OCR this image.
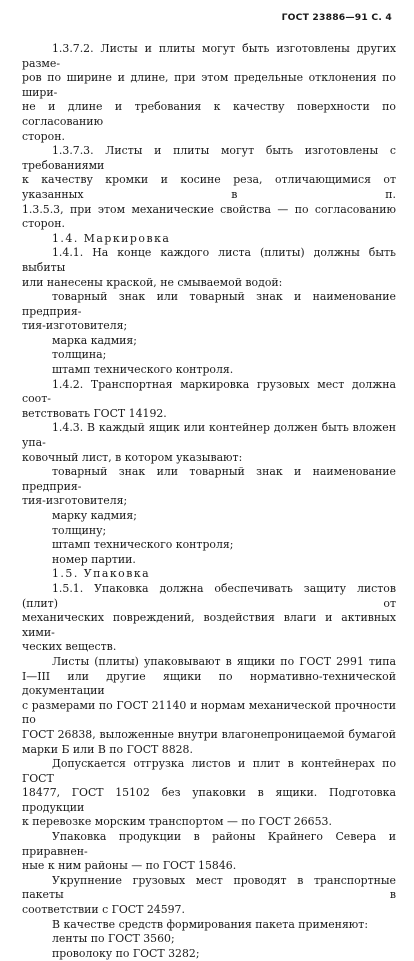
ГОСТ 23886—91 С. 4

1.3.7.2. Листы и плиты могут быть изготовлены других разме-

ров по ширине и длине, при этом предельные отклонения по шири-

не и длине и требования к качеству поверхности по согласованию

сторон.

1.3.7.3. Листы и плиты могут быть изготовлены с требованиями

к качеству кромки и косине реза, отличающимися от указанных в п.

1.3.5.3, при этом механические свойства — по согласованию

сторон.

1.4. Маркировка

1.4.1. На конце каждого листа (плиты) должны быть выбиты

или нанесены краской, не смываемой водой:

товарный знак или товарный знак и наименование предприя-

тия-изготовителя;

марка кадмия;

толщина;

штамп технического контроля.

1.4.2. Транспортная маркировка грузовых мест должна соот-

ветствовать ГОСТ 14192.

1.4.3. В каждый ящик или контейнер должен быть вложен упа-

ковочный лист, в котором указывают:

товарный знак или товарный знак и наименование предприя-

тия-изготовителя;

марку кадмия;

толщину;

штамп технического контроля;

номер партии.

1.5. Упаковка

1.5.1. Упаковка должна обеспечивать защиту листов (плит) от

механических повреждений, воздействия влаги и активных хими-

ческих веществ.

Листы (плиты) упаковывают в ящики по ГОСТ 2991 типа

I—III или другие ящики по нормативно-технической документации

с размерами по ГОСТ 21140 и нормам механической прочности по

ГОСТ 26838, выложенные внутри влагонепроницаемой бумагой

марки Б или В по ГОСТ 8828.

Допускается отгрузка листов и плит в контейнерах по ГОСТ

18477, ГОСТ 15102 без упаковки в ящики. Подготовка продукции

к перевозке морским транспортом — по ГОСТ 26653.

Упаковка продукции в районы Крайнего Севера и приравнен-

ные к ним районы — по ГОСТ 15846.

Укрупнение грузовых мест проводят в транспортные пакеты в

соответствии с ГОСТ 24597.

В качестве средств формирования пакета применяют:

ленты по ГОСТ 3560;

проволоку по ГОСТ 3282;
